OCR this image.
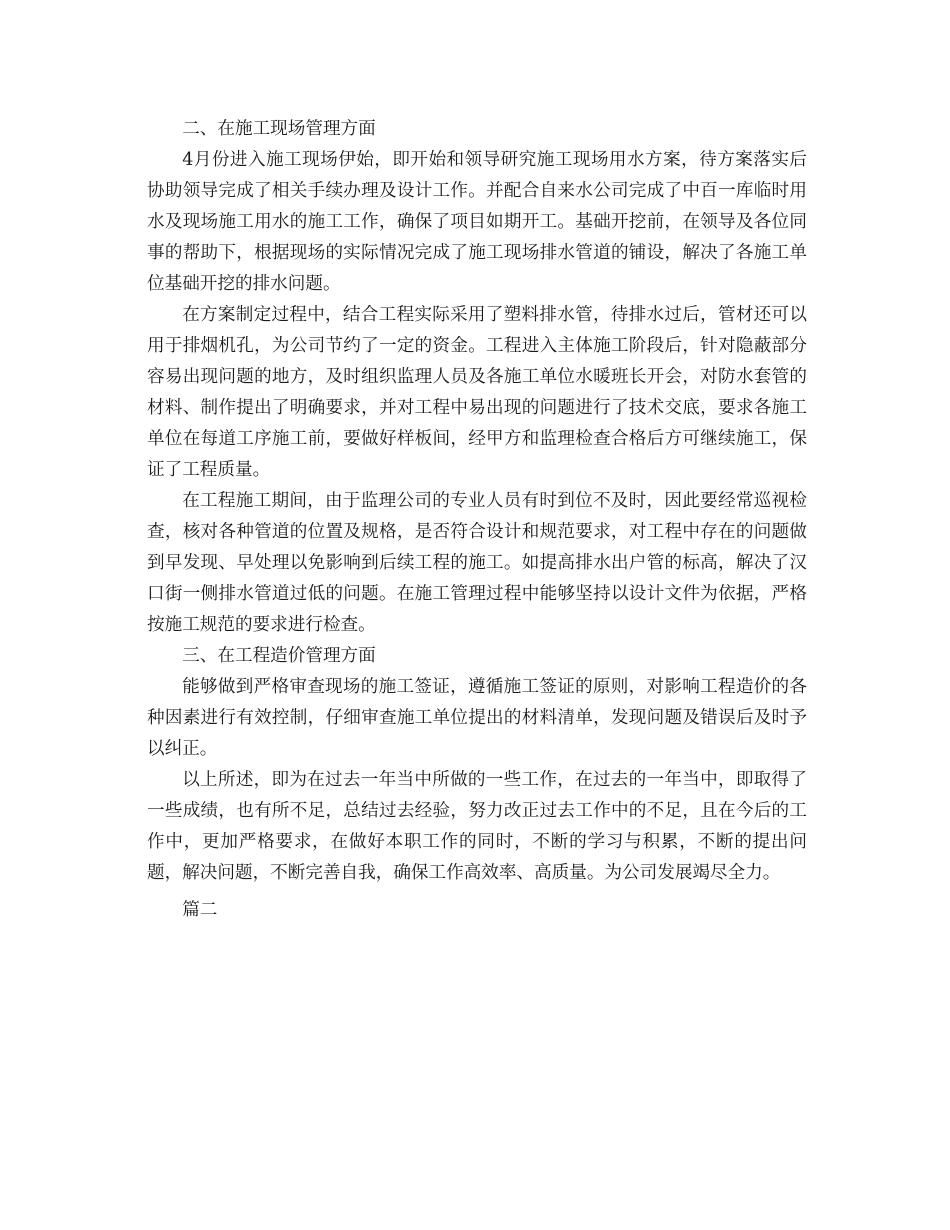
二、在施工现场管理方面

4月份进入施工现场伊始，即开始和领导研究施工现场用水方案，待方案落实后协助领导完成了相关手续办理及设计工作。并配合自来水公司完成了中百一库临时用水及现场施工用水的施工工作，确保了项目如期开工。基础开挖前，在领导及各位同事的帮助下，根据现场的实际情况完成了施工现场排水管道的铺设，解决了各施工单位基础开挖的排水问题。

在方案制定过程中，结合工程实际采用了塑料排水管，待排水过后，管材还可以用于排烟机孔，为公司节约了一定的资金。工程进入主体施工阶段后，针对隐蔽部分容易出现问题的地方，及时组织监理人员及各施工单位水暖班长开会，对防水套管的材料、制作提出了明确要求，并对工程中易出现的问题进行了技术交底，要求各施工单位在每道工序施工前，要做好样板间，经甲方和监理检查合格后方可继续施工，保证了工程质量。

在工程施工期间，由于监理公司的专业人员有时到位不及时，因此要经常巡视检查，核对各种管道的位置及规格，是否符合设计和规范要求，对工程中存在的问题做到早发现、早处理以免影响到后续工程的施工。如提高排水出户管的标高，解决了汉口街一侧排水管道过低的问题。在施工管理过程中能够坚持以设计文件为依据，严格按施工规范的要求进行检查。

三、在工程造价管理方面

能够做到严格审查现场的施工签证，遵循施工签证的原则，对影响工程造价的各种因素进行有效控制，仔细审查施工单位提出的材料清单，发现问题及错误后及时予以纠正。

以上所述，即为在过去一年当中所做的一些工作，在过去的一年当中，即取得了一些成绩，也有所不足，总结过去经验，努力改正过去工作中的不足，且在今后的工作中，更加严格要求，在做好本职工作的同时，不断的学习与积累，不断的提出问题，解决问题，不断完善自我，确保工作高效率、高质量。为公司发展竭尽全力。

篇二
